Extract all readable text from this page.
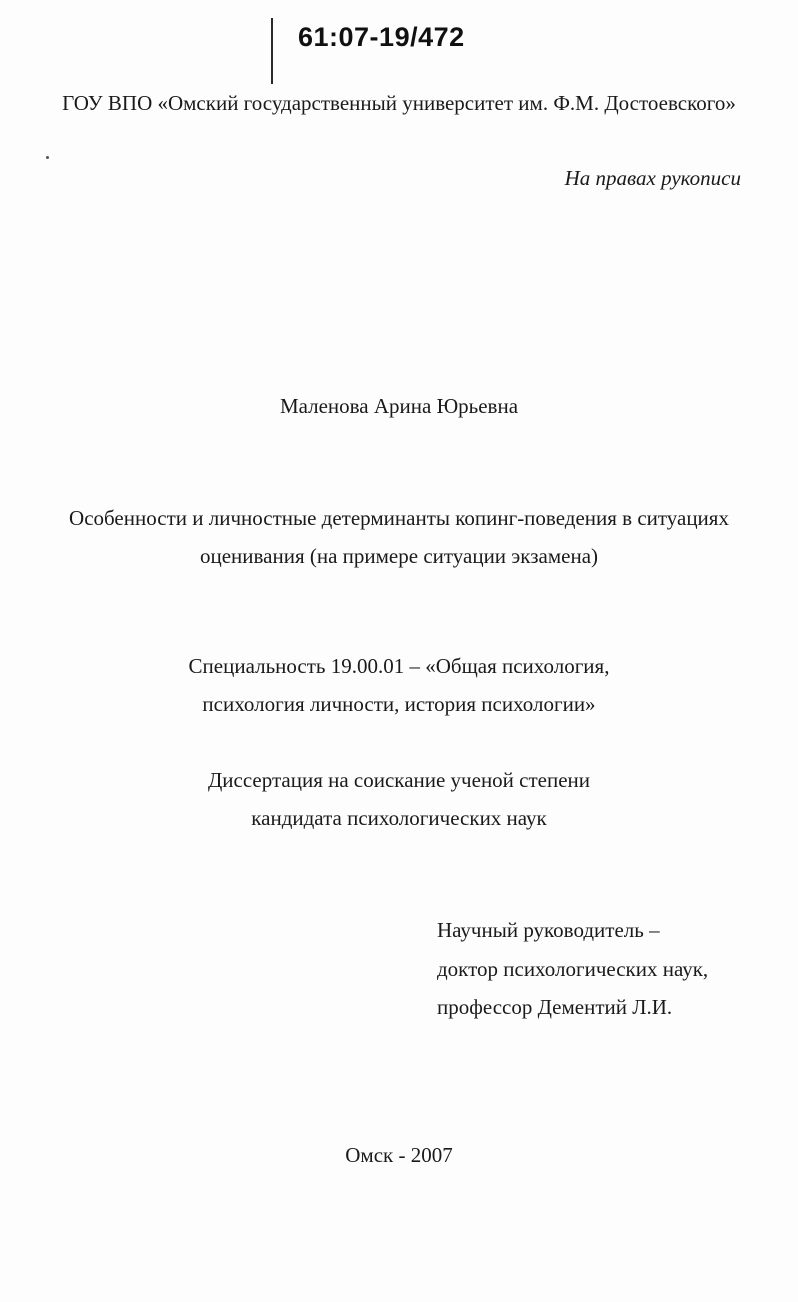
61:07-19/472
ГОУ ВПО «Омский государственный университет им. Ф.М. Достоевского»
На правах рукописи
Маленова Арина Юрьевна
Особенности и личностные детерминанты копинг-поведения в ситуациях
оценивания (на примере ситуации экзамена)
Специальность 19.00.01 – «Общая психология,
психология личности, история психологии»
Диссертация на соискание ученой степени
кандидата психологических наук
Научный руководитель –
доктор психологических наук,
профессор Дементий Л.И.
Омск - 2007
